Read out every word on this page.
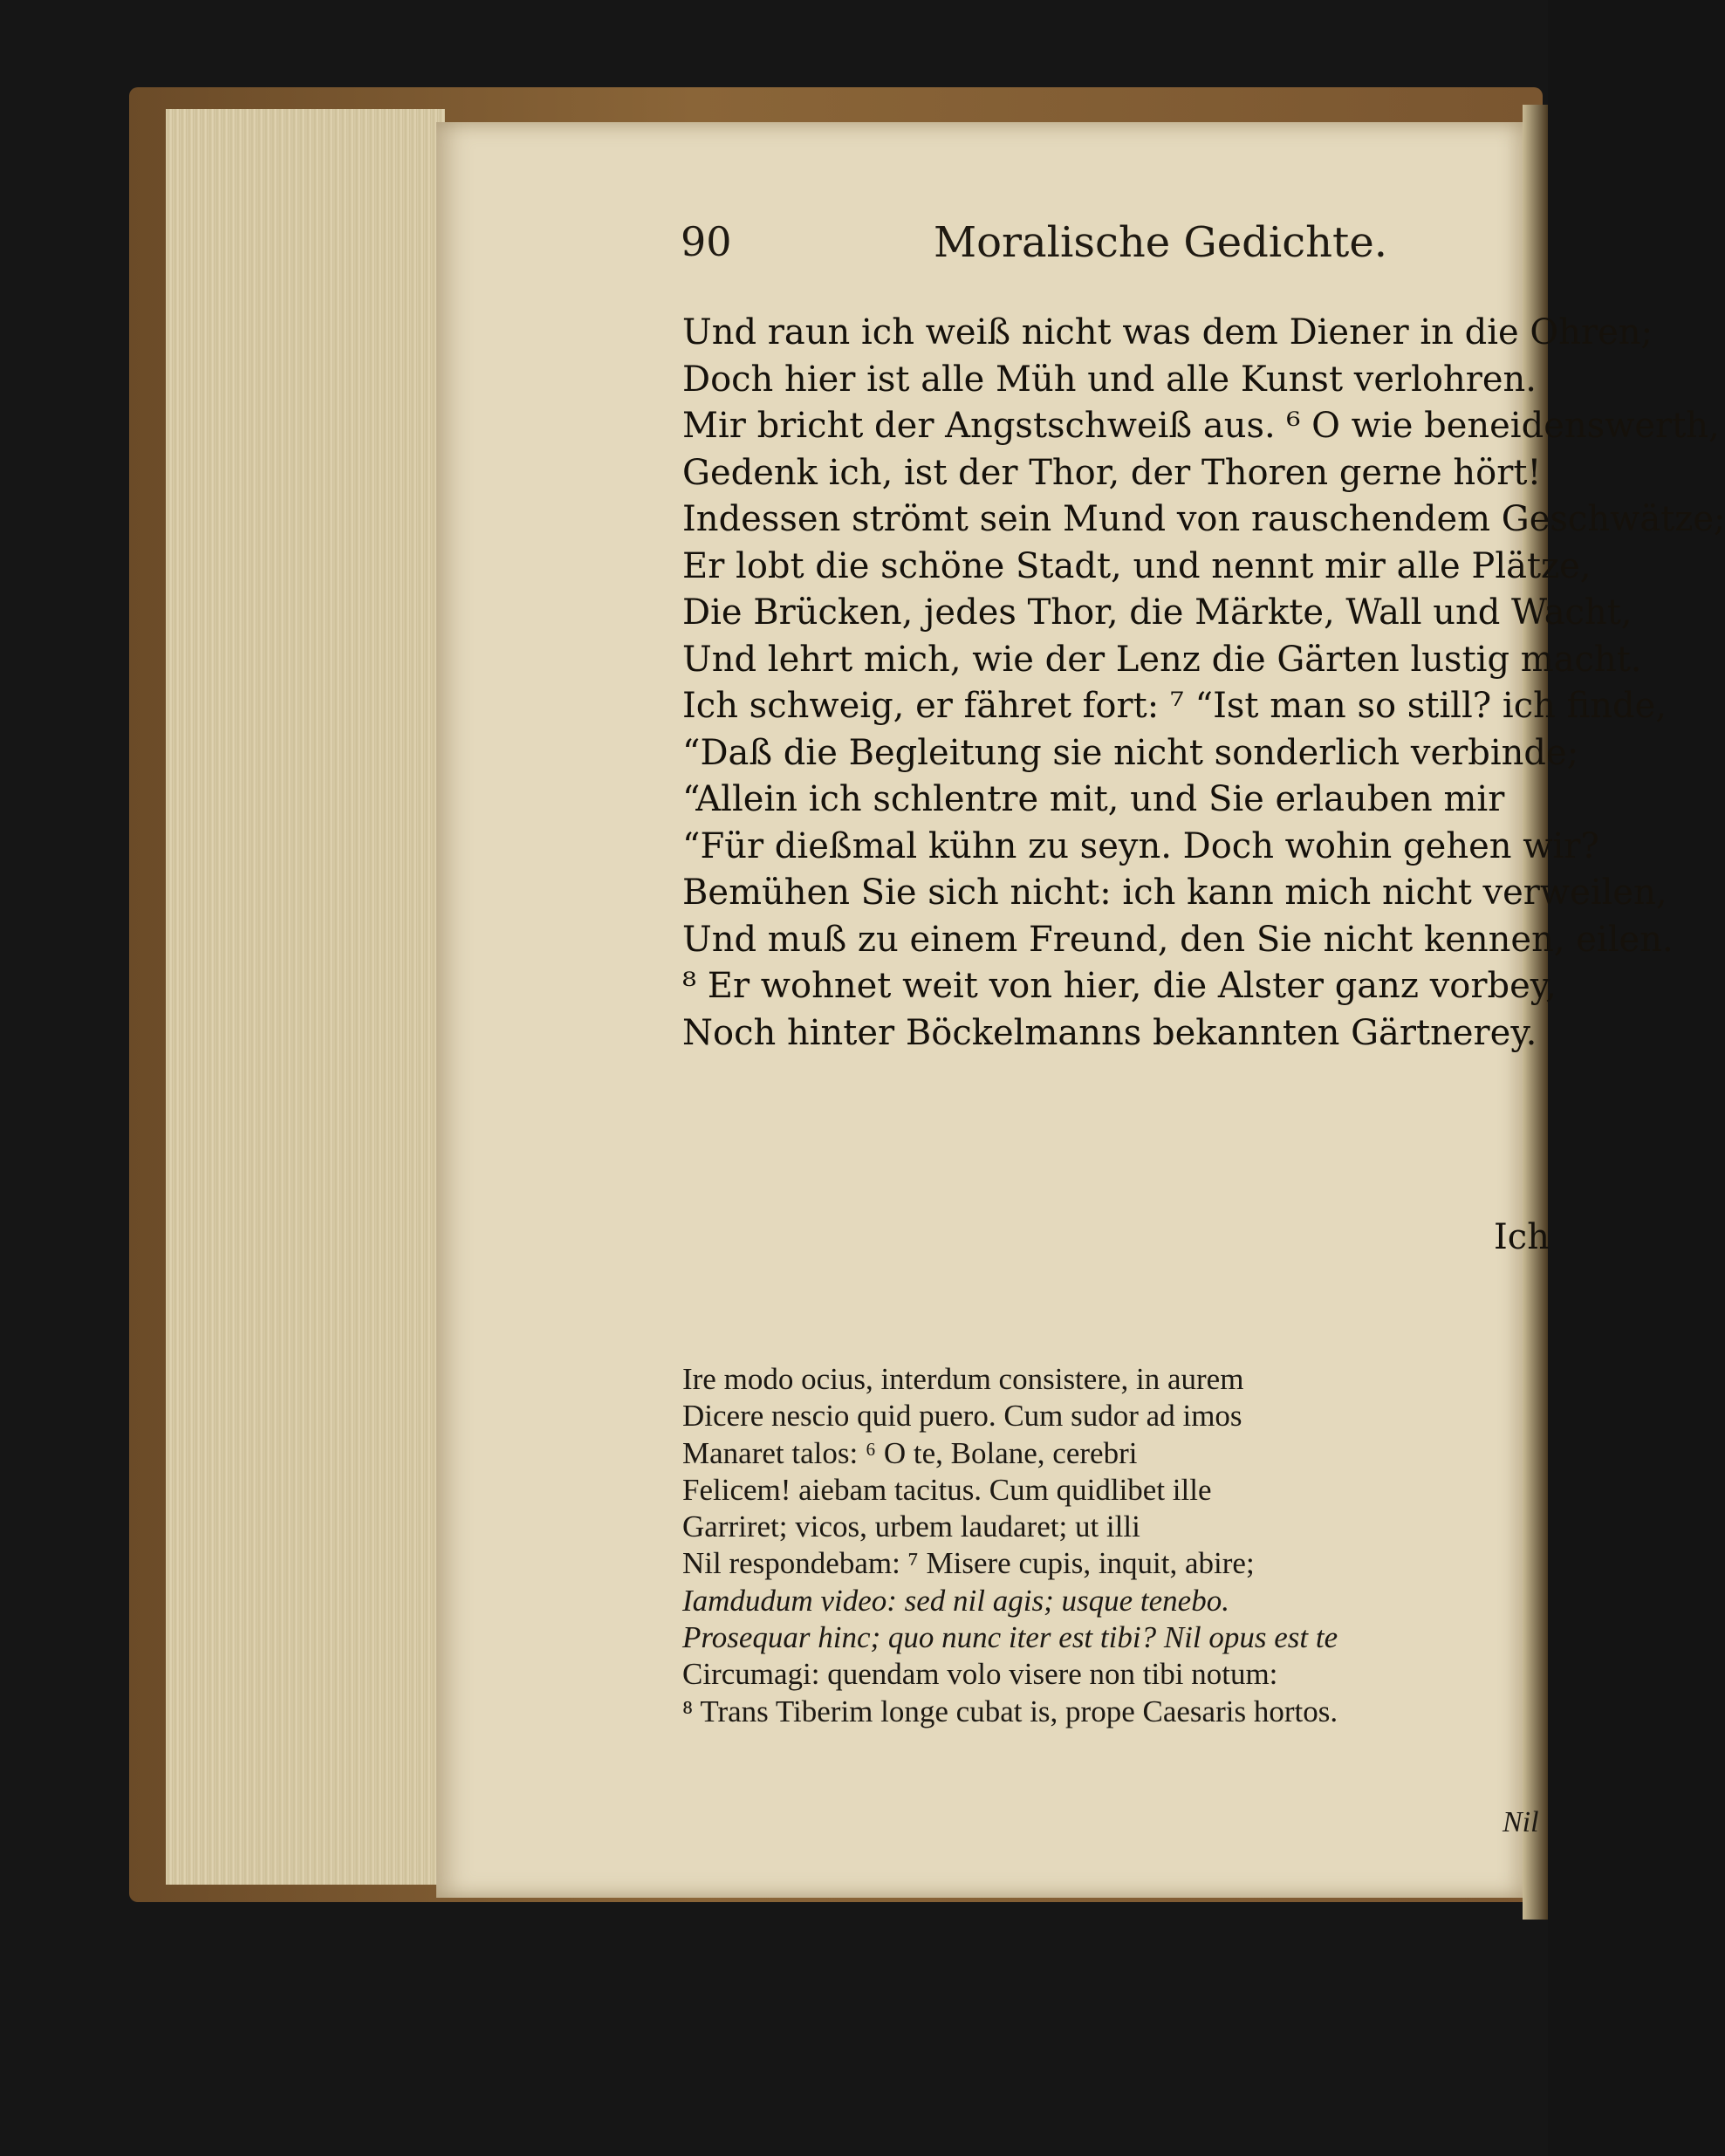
90	Moralische Gedichte.
Und raun ich weiß nicht was dem Diener in die Ohren;
Doch hier ist alle Müh und alle Kunst verlohren.
Mir bricht der Angstschweiß aus. ⁶ O wie beneidenswerth,
Gedenk ich, ist der Thor, der Thoren gerne hört!
Indessen strömt sein Mund von rauschendem Geschwätze;
Er lobt die schöne Stadt, und nennt mir alle Plätze,
Die Brücken, jedes Thor, die Märkte, Wall und Wacht,
Und lehrt mich, wie der Lenz die Gärten lustig macht.
Ich schweig, er fähret fort: ⁷ “Ist man so still? ich finde,
“Daß die Begleitung sie nicht sonderlich verbinde;
“Allein ich schlentre mit, und Sie erlauben mir
“Für dießmal kühn zu seyn. Doch wohin gehen wir?
Bemühen Sie sich nicht: ich kann mich nicht verweilen,
Und muß zu einem Freund, den Sie nicht kennen, eilen.
⁸ Er wohnet weit von hier, die Alster ganz vorbey,
Noch hinter Böckelmanns bekannten Gärtnerey.
Ich
Ire modo ocius, interdum consistere, in aurem
Dicere nescio quid puero. Cum sudor ad imos
Manaret talos: ⁶ O te, Bolane, cerebri
Felicem! aiebam tacitus. Cum quidlibet ille
Garriret; vicos, urbem laudaret; ut illi
Nil respondebam: ⁷ Misere cupis, inquit, abire;
Iamdudum video: sed nil agis; usque tenebo.
Prosequar hinc; quo nunc iter est tibi? Nil opus est te
Circumagi: quendam volo visere non tibi notum:
⁸ Trans Tiberim longe cubat is, prope Caesaris hortos.
Nil
